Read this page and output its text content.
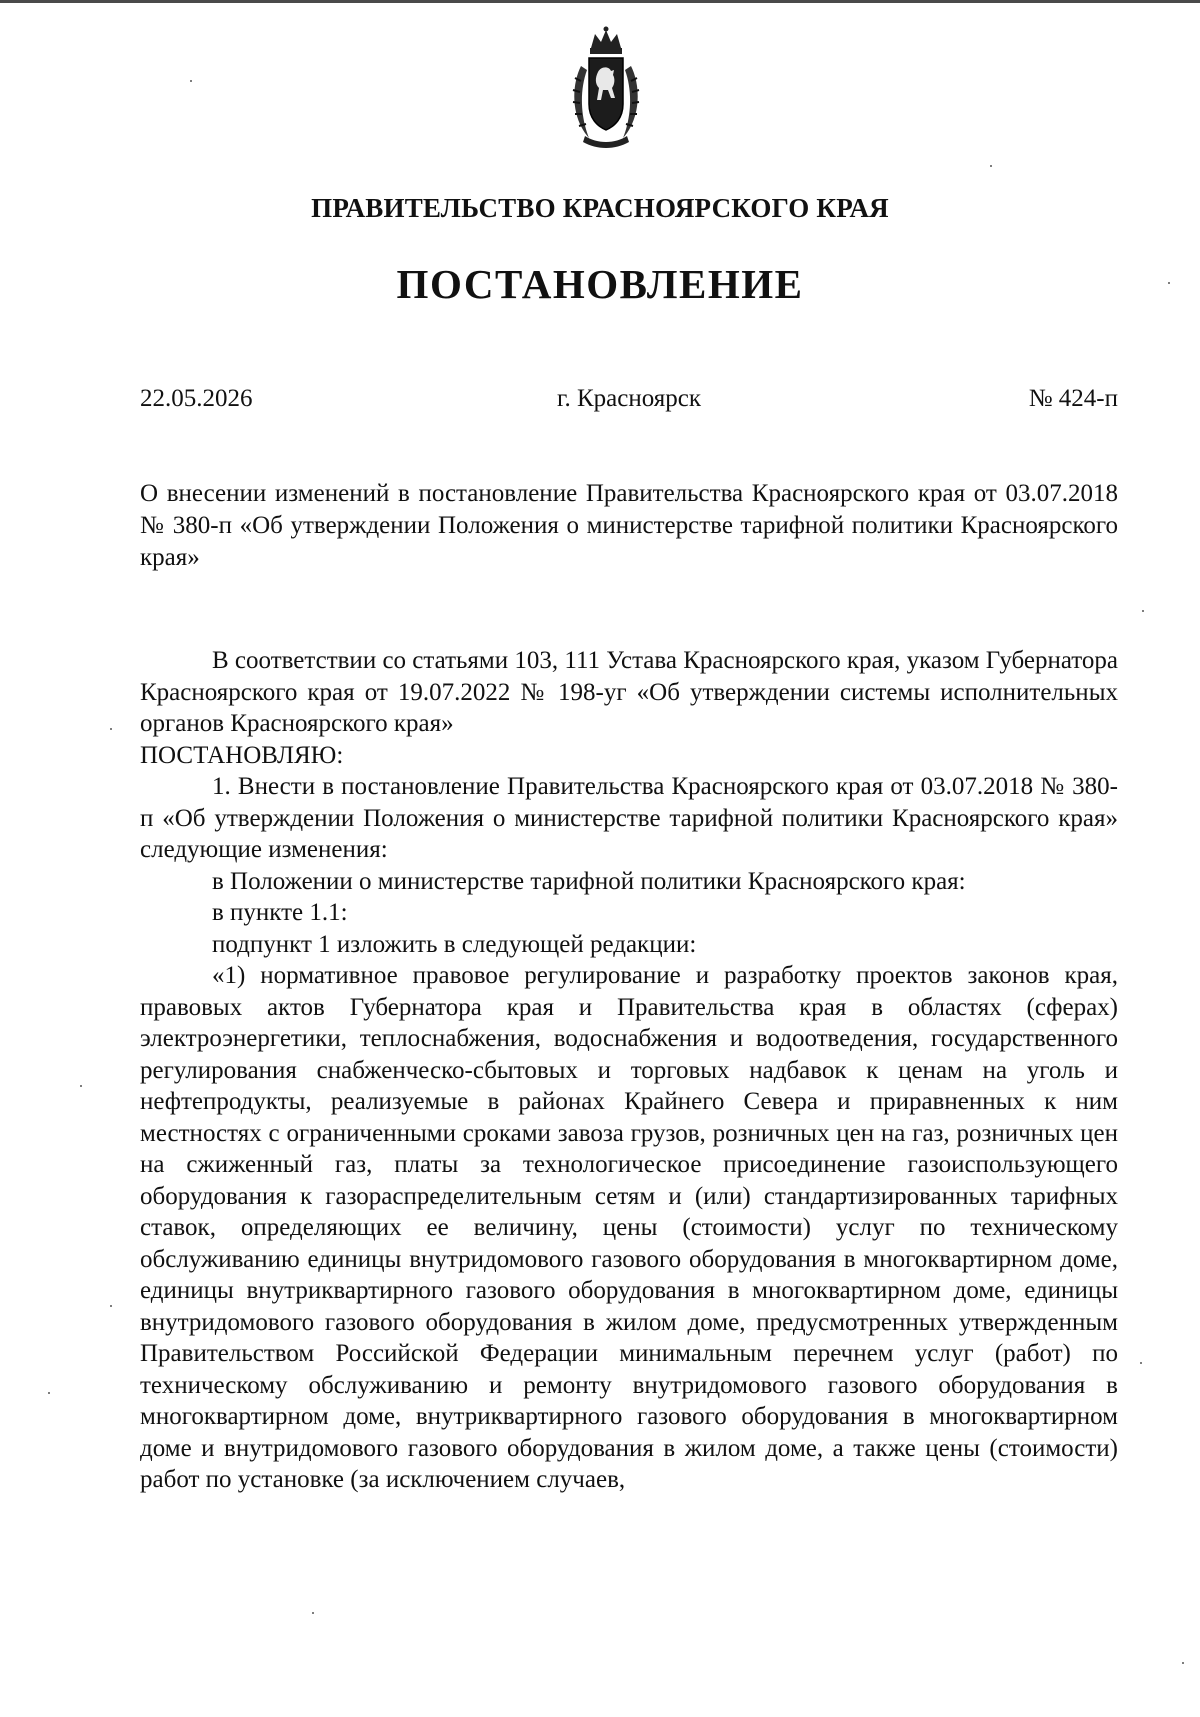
ПРАВИТЕЛЬСТВО КРАСНОЯРСКОГО КРАЯ
ПОСТАНОВЛЕНИЕ
22.05.2026	г. Красноярск	№ 424-п
О внесении изменений в постановление Правительства Красноярского края от 03.07.2018 № 380-п «Об утверждении Положения о министерстве тарифной политики Красноярского края»

В соответствии со статьями 103, 111 Устава Красноярского края, указом Губернатора Красноярского края от 19.07.2022 № 198-уг «Об утверждении системы исполнительных органов Красноярского края»

ПОСТАНОВЛЯЮ:

1. Внести в постановление Правительства Красноярского края от 03.07.2018 № 380-п «Об утверждении Положения о министерстве тарифной политики Красноярского края» следующие изменения:

в Положении о министерстве тарифной политики Красноярского края:

в пункте 1.1:

подпункт 1 изложить в следующей редакции:

«1) нормативное правовое регулирование и разработку проектов законов края, правовых актов Губернатора края и Правительства края в областях (сферах) электроэнергетики, теплоснабжения, водоснабжения и водоотведения, государственного регулирования снабженческо-сбытовых и торговых надбавок к ценам на уголь и нефтепродукты, реализуемые в районах Крайнего Севера и приравненных к ним местностях с ограниченными сроками завоза грузов, розничных цен на газ, розничных цен на сжиженный газ, платы за технологическое присоединение газоиспользующего оборудования к газораспределительным сетям и (или) стандартизированных тарифных ставок, определяющих ее величину, цены (стоимости) услуг по техническому обслуживанию единицы внутридомового газового оборудования в многоквартирном доме, единицы внутриквартирного газового оборудования в многоквартирном доме, единицы внутридомового газового оборудования в жилом доме, предусмотренных утвержденным Правительством Российской Федерации минимальным перечнем услуг (работ) по техническому обслуживанию и ремонту внутридомового газового оборудования в многоквартирном доме, внутриквартирного газового оборудования в многоквартирном доме и внутридомового газового оборудования в жилом доме, а также цены (стоимости) работ по установке (за исключением случаев,
